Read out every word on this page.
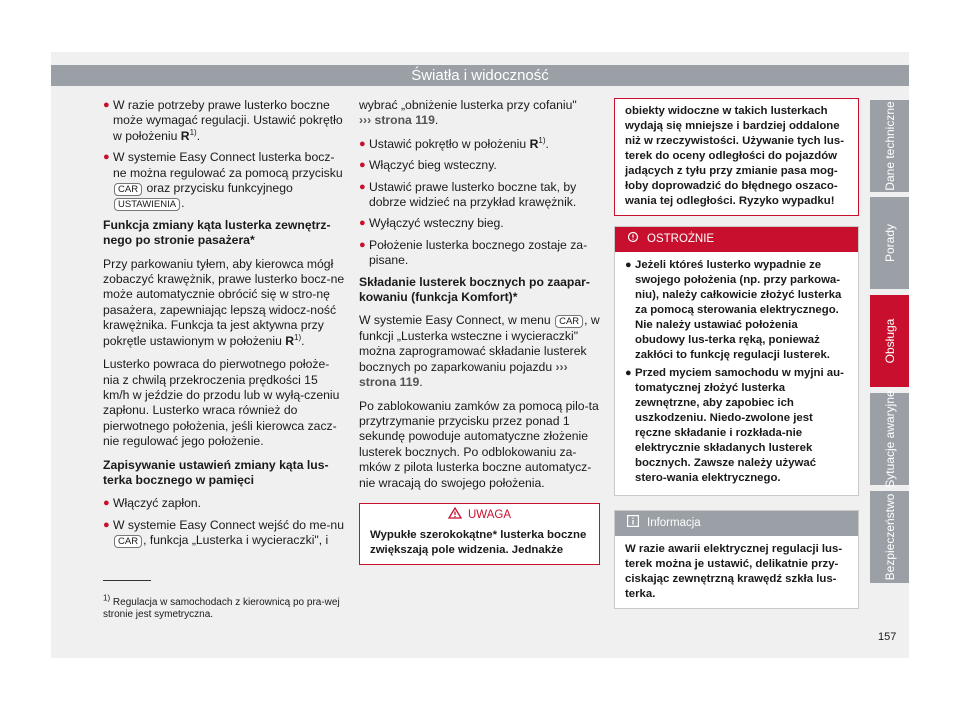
Światła i widoczność
● W razie potrzeby prawe lusterko boczne może wymagać regulacji. Ustawić pokrętło w położeniu $R^{1)}$.
● W systemie Easy Connect lusterka bocz-ne można regulować za pomocą przycisku CAR oraz przycisku funkcyjnego USTAWIENIA .

Funkcja zmiany kąta lusterka zewnętrz-nego po stronie pasażera*

Przy parkowaniu tyłem, aby kierowca mógł zobaczyć krawężnik, prawe lusterko bocz-ne może automatycznie obrócić się w stro-nę pasażera, zapewniając lepszą widocz-ność krawężnika. Funkcja ta jest aktywna przy pokrętle ustawionym w położeniu $R^{1)}$.

Lusterko powraca do pierwotnego położe-nia z chwilą przekroczenia prędkości 15 km/h w jeździe do przodu lub w wyłą-czeniu zapłonu. Lusterko wraca również do pierwotnego położenia, jeśli kierowca zacz-nie regulować jego położenie.

Zapisywanie ustawień zmiany kąta lus-terka bocznego w pamięci

● Włączyć zapłon.
● W systemie Easy Connect wejść do me-nu CAR , funkcja „Lusterka i wycieraczki", i

wybrać „obniżenie lusterka przy cofaniu"
››› strona 119.

● Ustawić pokrętło w położeniu $R^{1)}$.
● Włączyć bieg wsteczny.
● Ustawić prawe lusterko boczne tak, by dobrze widzieć na przykład krawężnik.
● Wyłączyć wsteczny bieg.
● Położenie lusterka bocznego zostaje za-pisane.

Składanie lusterek bocznych po zaapar-kowaniu (funkcja Komfort)*

W systemie Easy Connect, w menu CAR , w funkcji „Lusterka wsteczne i wycieraczki" można zaprogramować składanie lusterek bocznych po zaparkowaniu pojazdu ››› strona 119.

Po zablokowaniu zamków za pomocą pilo-ta przytrzymanie przycisku przez ponad 1 sekundę powoduje automatyczne złożenie lusterek bocznych. Po odblokowaniu za-mków z pilota lusterka boczne automatycz-nie wracają do swojego położenia.

UWAGA
Wypukłe szerokokątne* lusterka boczne zwiększają pole widzenia. Jednakże
obiekty widoczne w takich lusterkach wydają się mniejsze i bardziej oddalone niż w rzeczywistości. Używanie tych lus-terek do oceny odległości do pojazdów jadących z tyłu przy zmianie pasa mog-łoby doprowadzić do błędnego oszaco-wania tej odległości. Ryzyko wypadku!
OSTROŻNIE
● Jeżeli któreś lusterko wypadnie ze swojego położenia (np. przy parkowa-niu), należy całkowicie złożyć lusterka za pomocą sterowania elektrycznego. Nie należy ustawiać położenia obudowy lus-terka ręką, ponieważ zakłóci to funkcję regulacji lusterek.
● Przed myciem samochodu w myjni au-tomatycznej złożyć lusterka zewnętrzne, aby zapobiec ich uszkodzeniu. Niedo-zwolone jest ręczne składanie i rozkłada-nie elektrycznie składanych lusterek bocznych. Zawsze należy używać stero-wania elektrycznego.
Informacja
W razie awarii elektrycznej regulacji lus-terek można je ustawić, delikatnie przy-ciskając zewnętrzną krawędź szkła lus-terka.
$^{1)}$ Regulacja w samochodach z kierownicą po pra-wej stronie jest symetryczna.
157
Dane techniczne
Porady
Obsługa
Sytuacje awaryjne
Bezpieczeństwo
